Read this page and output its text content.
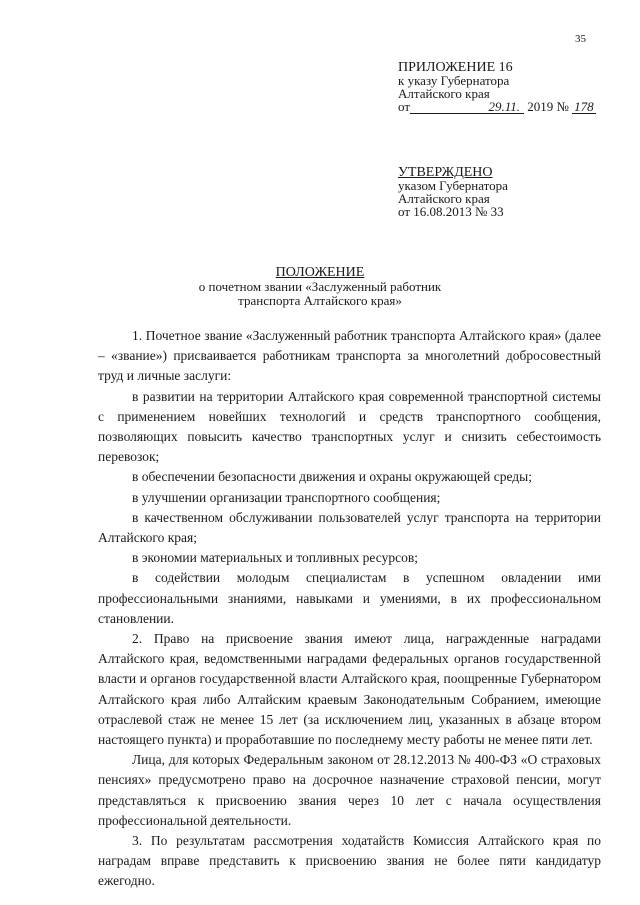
35
ПРИЛОЖЕНИЕ 16
к указу Губернатора
Алтайского края
от	29.11. 2019 № 178
УТВЕРЖДЕНО
указом Губернатора
Алтайского края
от 16.08.2013 № 33
ПОЛОЖЕНИЕ
о почетном звании «Заслуженный работник
транспорта Алтайского края»

1. Почетное звание «Заслуженный работник транспорта Алтайского края» (далее – «звание») присваивается работникам транспорта за многолетний добросовестный труд и личные заслуги:

в развитии на территории Алтайского края современной транспортной системы с применением новейших технологий и средств транспортного сообщения, позволяющих повысить качество транспортных услуг и снизить себестоимость перевозок;

в обеспечении безопасности движения и охраны окружающей среды;

в улучшении организации транспортного сообщения;

в качественном обслуживании пользователей услуг транспорта на территории Алтайского края;

в экономии материальных и топливных ресурсов;

в содействии молодым специалистам в успешном овладении ими профессиональными знаниями, навыками и умениями, в их профессиональном становлении.

2. Право на присвоение звания имеют лица, награжденные наградами Алтайского края, ведомственными наградами федеральных органов государственной власти и органов государственной власти Алтайского края, поощренные Губернатором Алтайского края либо Алтайским краевым Законодательным Собранием, имеющие отраслевой стаж не менее 15 лет (за исключением лиц, указанных в абзаце втором настоящего пункта) и проработавшие по последнему месту работы не менее пяти лет.

Лица, для которых Федеральным законом от 28.12.2013 № 400-ФЗ «О страховых пенсиях» предусмотрено право на досрочное назначение страховой пенсии, могут представляться к присвоению звания через 10 лет с начала осуществления профессиональной деятельности.

3. По результатам рассмотрения ходатайств Комиссия Алтайского края по наградам вправе представить к присвоению звания не более пяти кандидатур ежегодно.
